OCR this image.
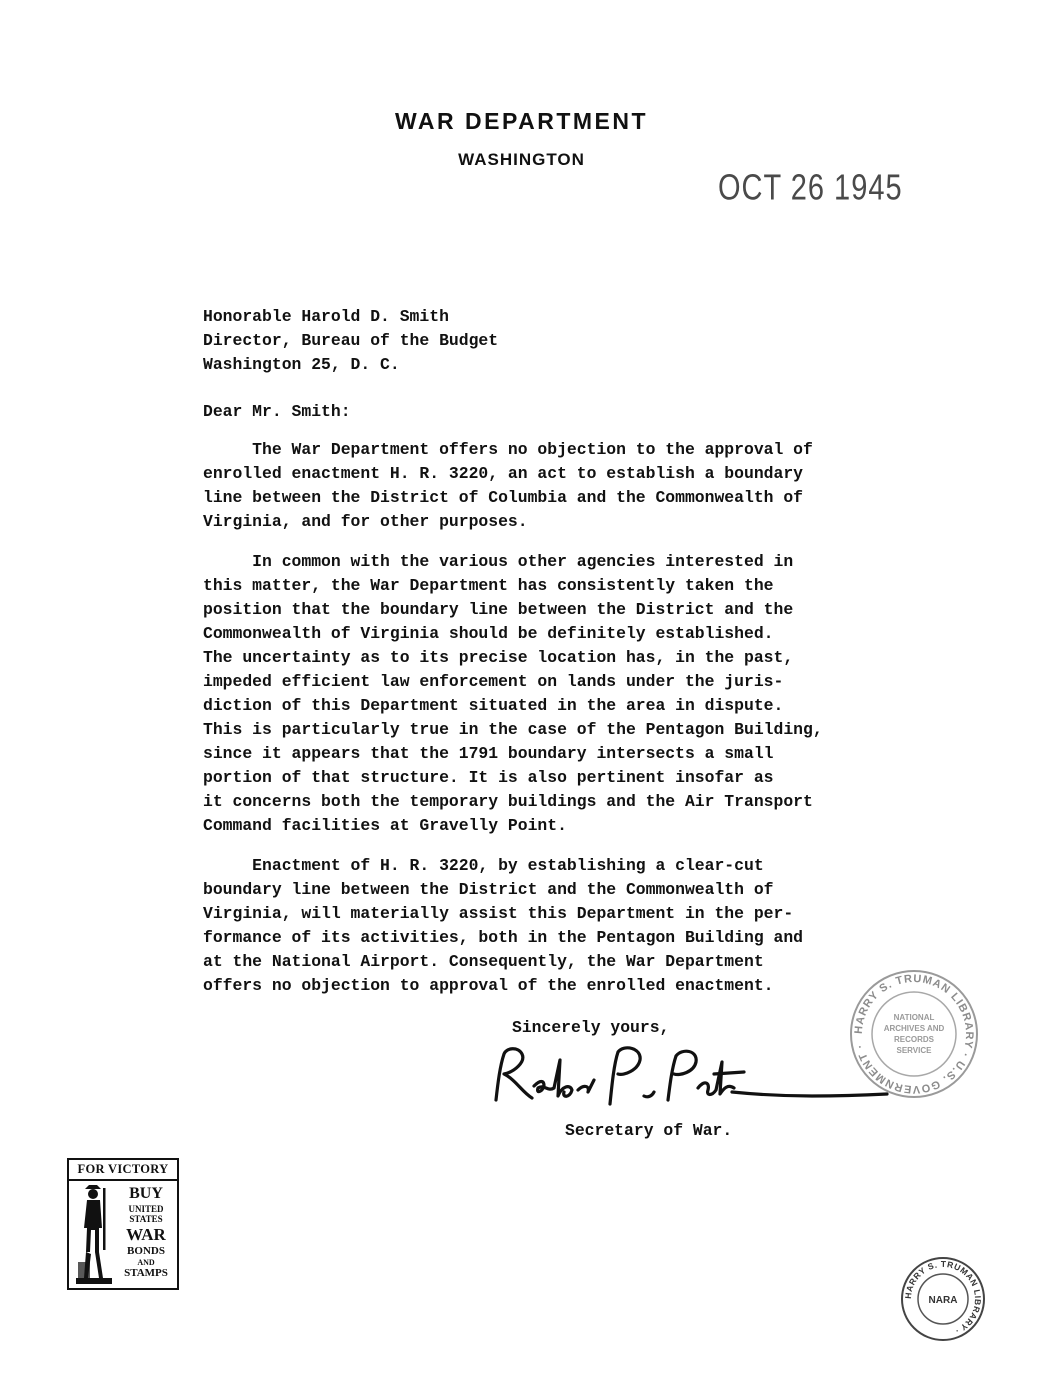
WAR DEPARTMENT
WASHINGTON
OCT 26 1945
Honorable Harold D. Smith
Director, Bureau of the Budget
Washington 25, D. C.
Dear Mr. Smith:
The War Department offers no objection to the approval of
enrolled enactment H. R. 3220, an act to establish a boundary
line between the District of Columbia and the Commonwealth of
Virginia, and for other purposes.
In common with the various other agencies interested in
this matter, the War Department has consistently taken the
position that the boundary line between the District and the
Commonwealth of Virginia should be definitely established.
The uncertainty as to its precise location has, in the past,
impeded efficient law enforcement on lands under the juris-
diction of this Department situated in the area in dispute.
This is particularly true in the case of the Pentagon Building,
since it appears that the 1791 boundary intersects a small
portion of that structure. It is also pertinent insofar as
it concerns both the temporary buildings and the Air Transport
Command facilities at Gravelly Point.
Enactment of H. R. 3220, by establishing a clear-cut
boundary line between the District and the Commonwealth of
Virginia, will materially assist this Department in the per-
formance of its activities, both in the Pentagon Building and
at the National Airport. Consequently, the War Department
offers no objection to approval of the enrolled enactment.
Sincerely yours,
Secretary of War.
FOR VICTORY
BUY
UNITED
STATES
WAR
BONDS
AND
STAMPS
HARRY S. TRUMAN LIBRARY · U.S. GOVERNMENT ·
NATIONAL
ARCHIVES AND
RECORDS
SERVICE
HARRY S. TRUMAN LIBRARY ·
NARA
